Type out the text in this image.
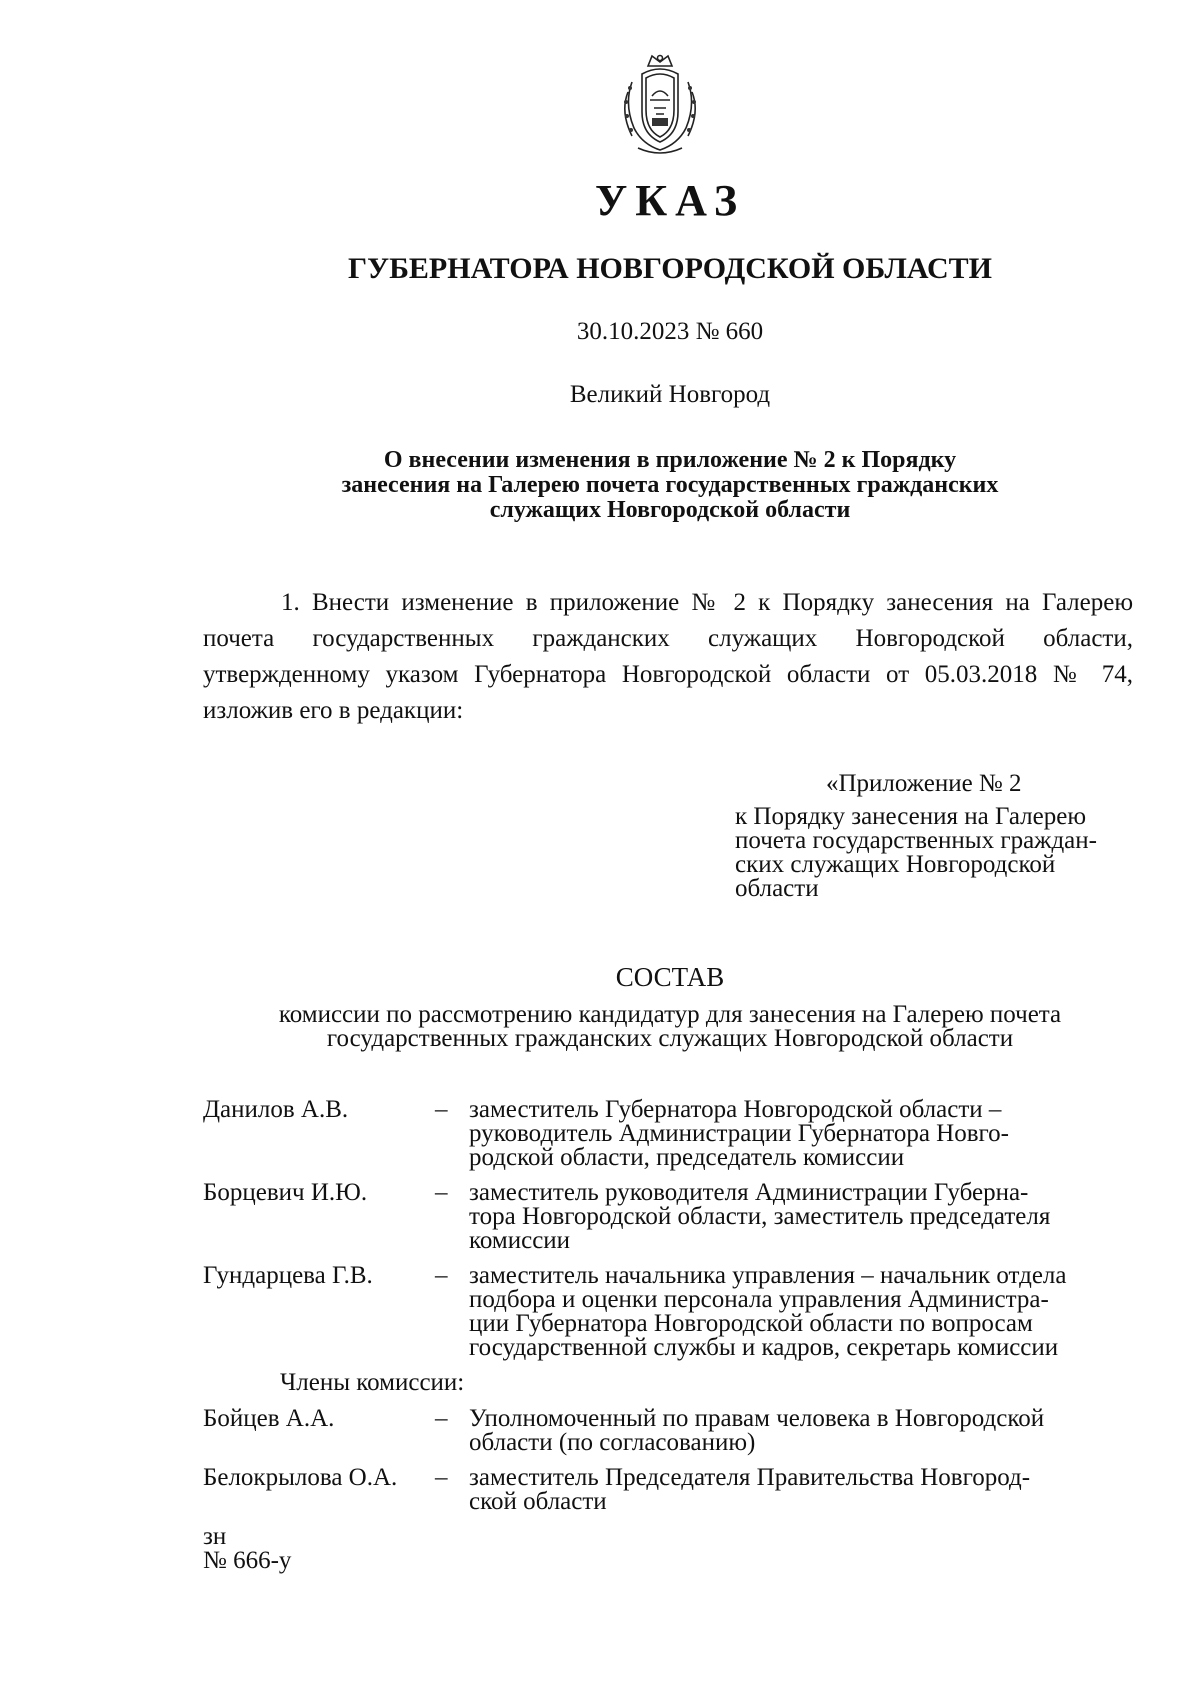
УКАЗ
ГУБЕРНАТОРА НОВГОРОДСКОЙ ОБЛАСТИ
30.10.2023 № 660
Великий Новгород
О внесении изменения в приложение № 2 к Порядку
занесения на Галерею почета государственных гражданских
служащих Новгородской области

1. Внести изменение в приложение № 2 к Порядку занесения на Галерею почета государственных гражданских служащих Новгородской области, утвержденному указом Губернатора Новгородской области от 05.03.2018 № 74, изложив его в редакции:

«Приложение № 2
к Порядку занесения на Галерею
почета государственных граждан-
ских служащих Новгородской
области
СОСТАВ
комиссии по рассмотрению кандидатур для занесения на Галерею почета
государственных гражданских служащих Новгородской области
Данилов А.В.	– заместитель Губернатора Новгородской области –
руководитель Администрации Губернатора Новго-
родской области, председатель комиссии
Борцевич И.Ю.	– заместитель руководителя Администрации Губерна-
тора Новгородской области, заместитель председателя
комиссии
Гундарцева Г.В.	– заместитель начальника управления – начальник отдела
подбора и оценки персонала управления Администра-
ции Губернатора Новгородской области по вопросам
государственной службы и кадров, секретарь комиссии
Члены комиссии:
Бойцев А.А.	– Уполномоченный по правам человека в Новгородской
области (по согласованию)
Белокрылова О.А.	– заместитель Председателя Правительства Новгород-
ской области
зн
№ 666-у
